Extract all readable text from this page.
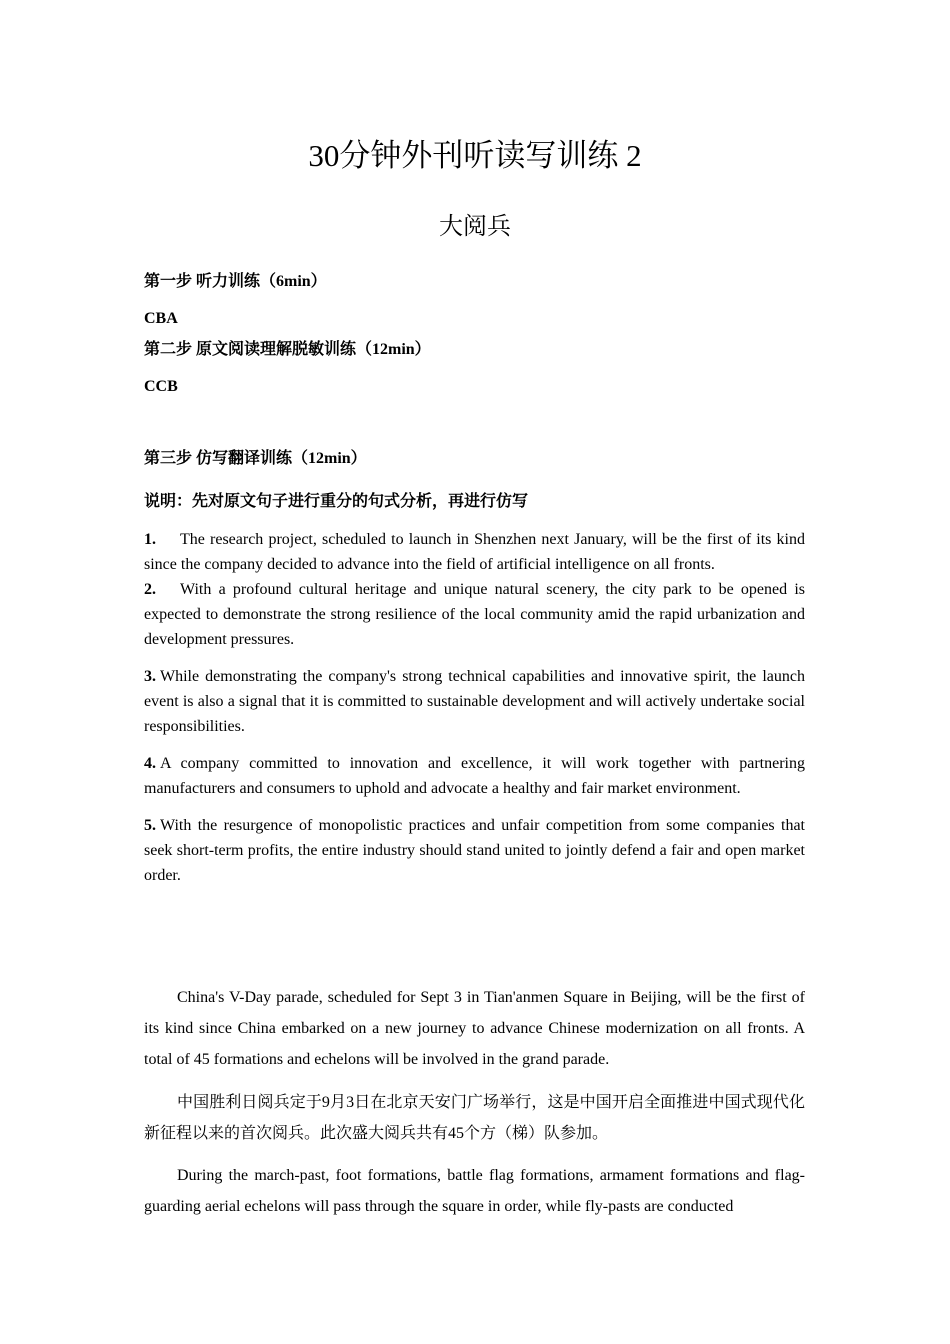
30分钟外刊听读写训练 2
大阅兵
第一步 听力训练（6min）
CBA
第二步 原文阅读理解脱敏训练（12min）
CCB
第三步 仿写翻译训练（12min）
说明：先对原文句子进行重分的句式分析，再进行仿写
1. The research project, scheduled to launch in Shenzhen next January, will be the first of its kind since the company decided to advance into the field of artificial intelligence on all fronts.
2. With a profound cultural heritage and unique natural scenery, the city park to be opened is expected to demonstrate the strong resilience of the local community amid the rapid urbanization and development pressures.
3. While demonstrating the company's strong technical capabilities and innovative spirit, the launch event is also a signal that it is committed to sustainable development and will actively undertake social responsibilities.
4. A company committed to innovation and excellence, it will work together with partnering manufacturers and consumers to uphold and advocate a healthy and fair market environment.
5. With the resurgence of monopolistic practices and unfair competition from some companies that seek short-term profits, the entire industry should stand united to jointly defend a fair and open market order.
China's V-Day parade, scheduled for Sept 3 in Tian'anmen Square in Beijing, will be the first of its kind since China embarked on a new journey to advance Chinese modernization on all fronts. A total of 45 formations and echelons will be involved in the grand parade.
中国胜利日阅兵定于9月3日在北京天安门广场举行，这是中国开启全面推进中国式现代化新征程以来的首次阅兵。此次盛大阅兵共有45个方（梯）队参加。
During the march-past, foot formations, battle flag formations, armament formations and flag-guarding aerial echelons will pass through the square in order, while fly-pasts are conducted
